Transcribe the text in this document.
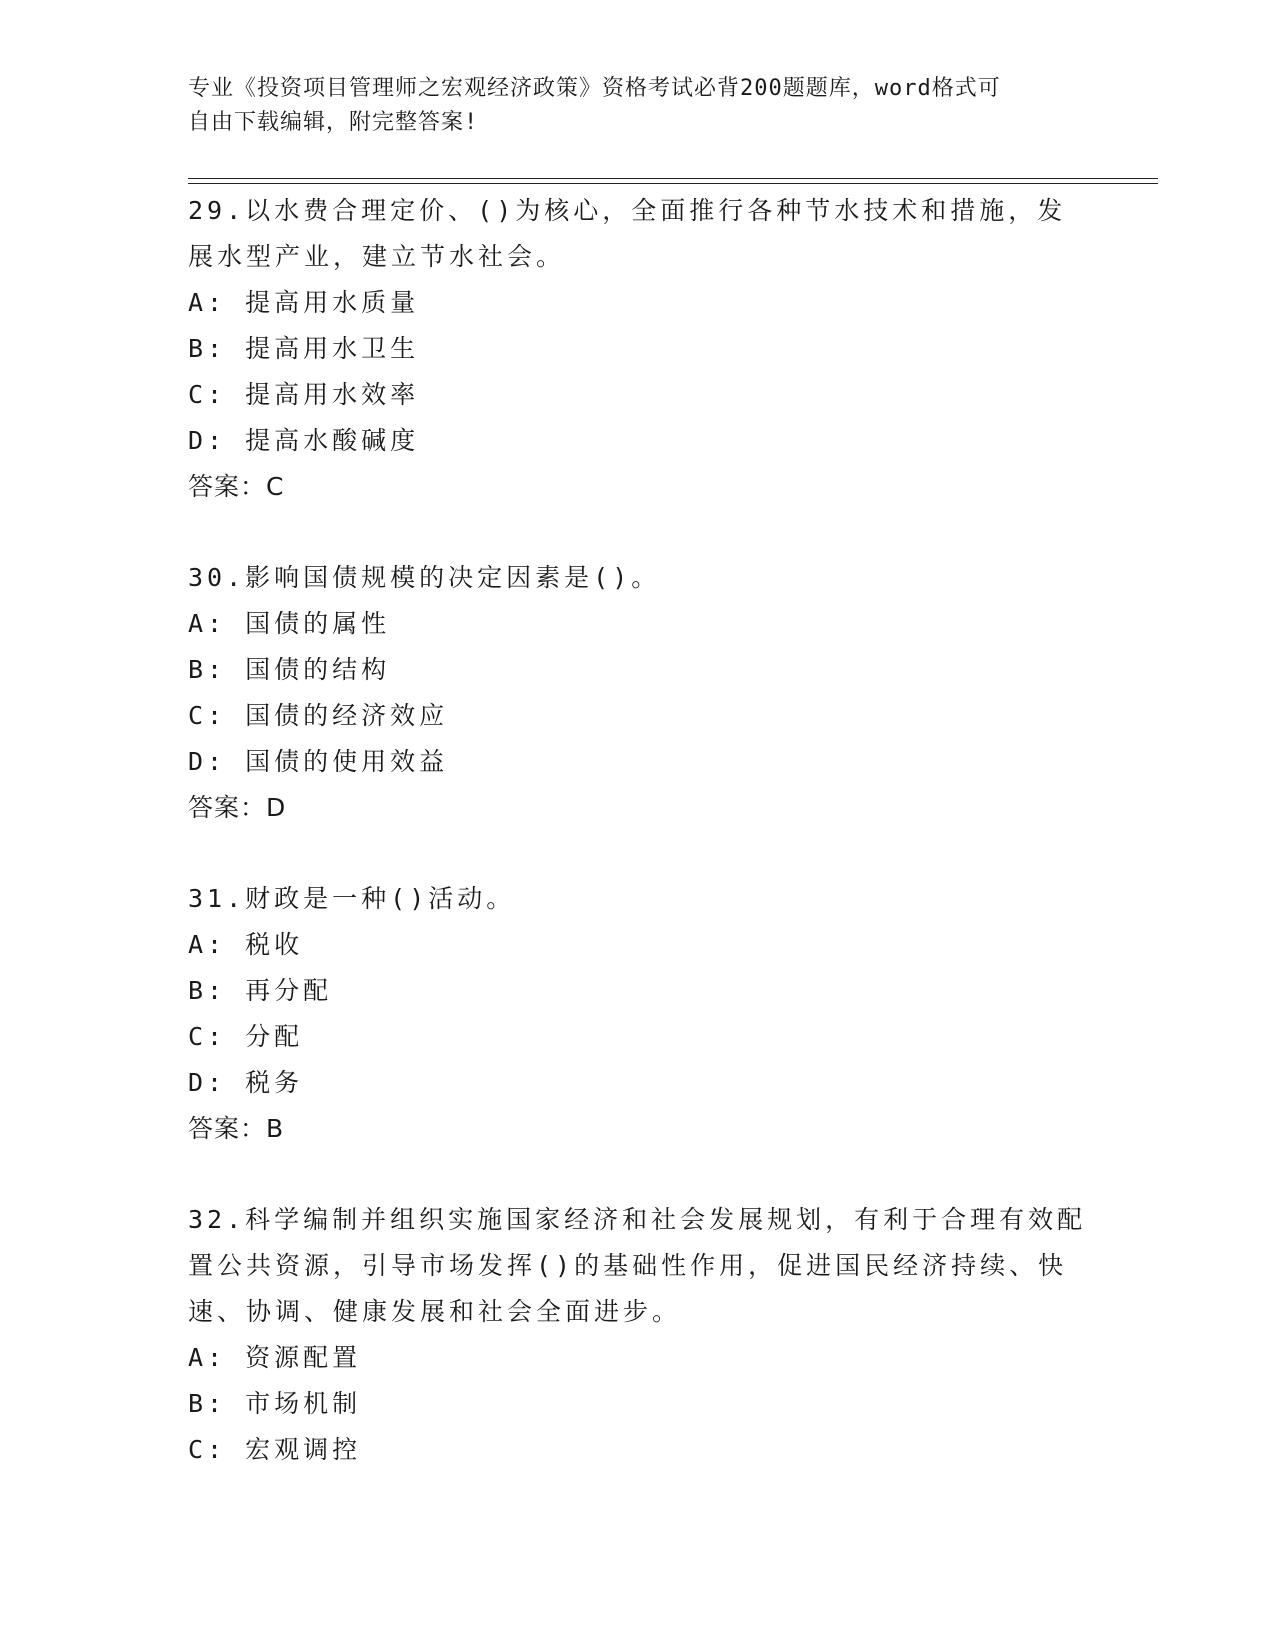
专业《投资项目管理师之宏观经济政策》资格考试必背200题题库，word格式可
自由下载编辑，附完整答案!
29.以水费合理定价、()为核心，全面推行各种节水技术和措施，发展水型产业，建立节水社会。
A: 提高用水质量
B: 提高用水卫生
C: 提高用水效率
D: 提高水酸碱度
答案：C
30.影响国债规模的决定因素是()。
A: 国债的属性
B: 国债的结构
C: 国债的经济效应
D: 国债的使用效益
答案：D
31.财政是一种()活动。
A: 税收
B: 再分配
C: 分配
D: 税务
答案：B
32.科学编制并组织实施国家经济和社会发展规划，有利于合理有效配置公共资源，引导市场发挥()的基础性作用，促进国民经济持续、快速、协调、健康发展和社会全面进步。
A: 资源配置
B: 市场机制
C: 宏观调控
